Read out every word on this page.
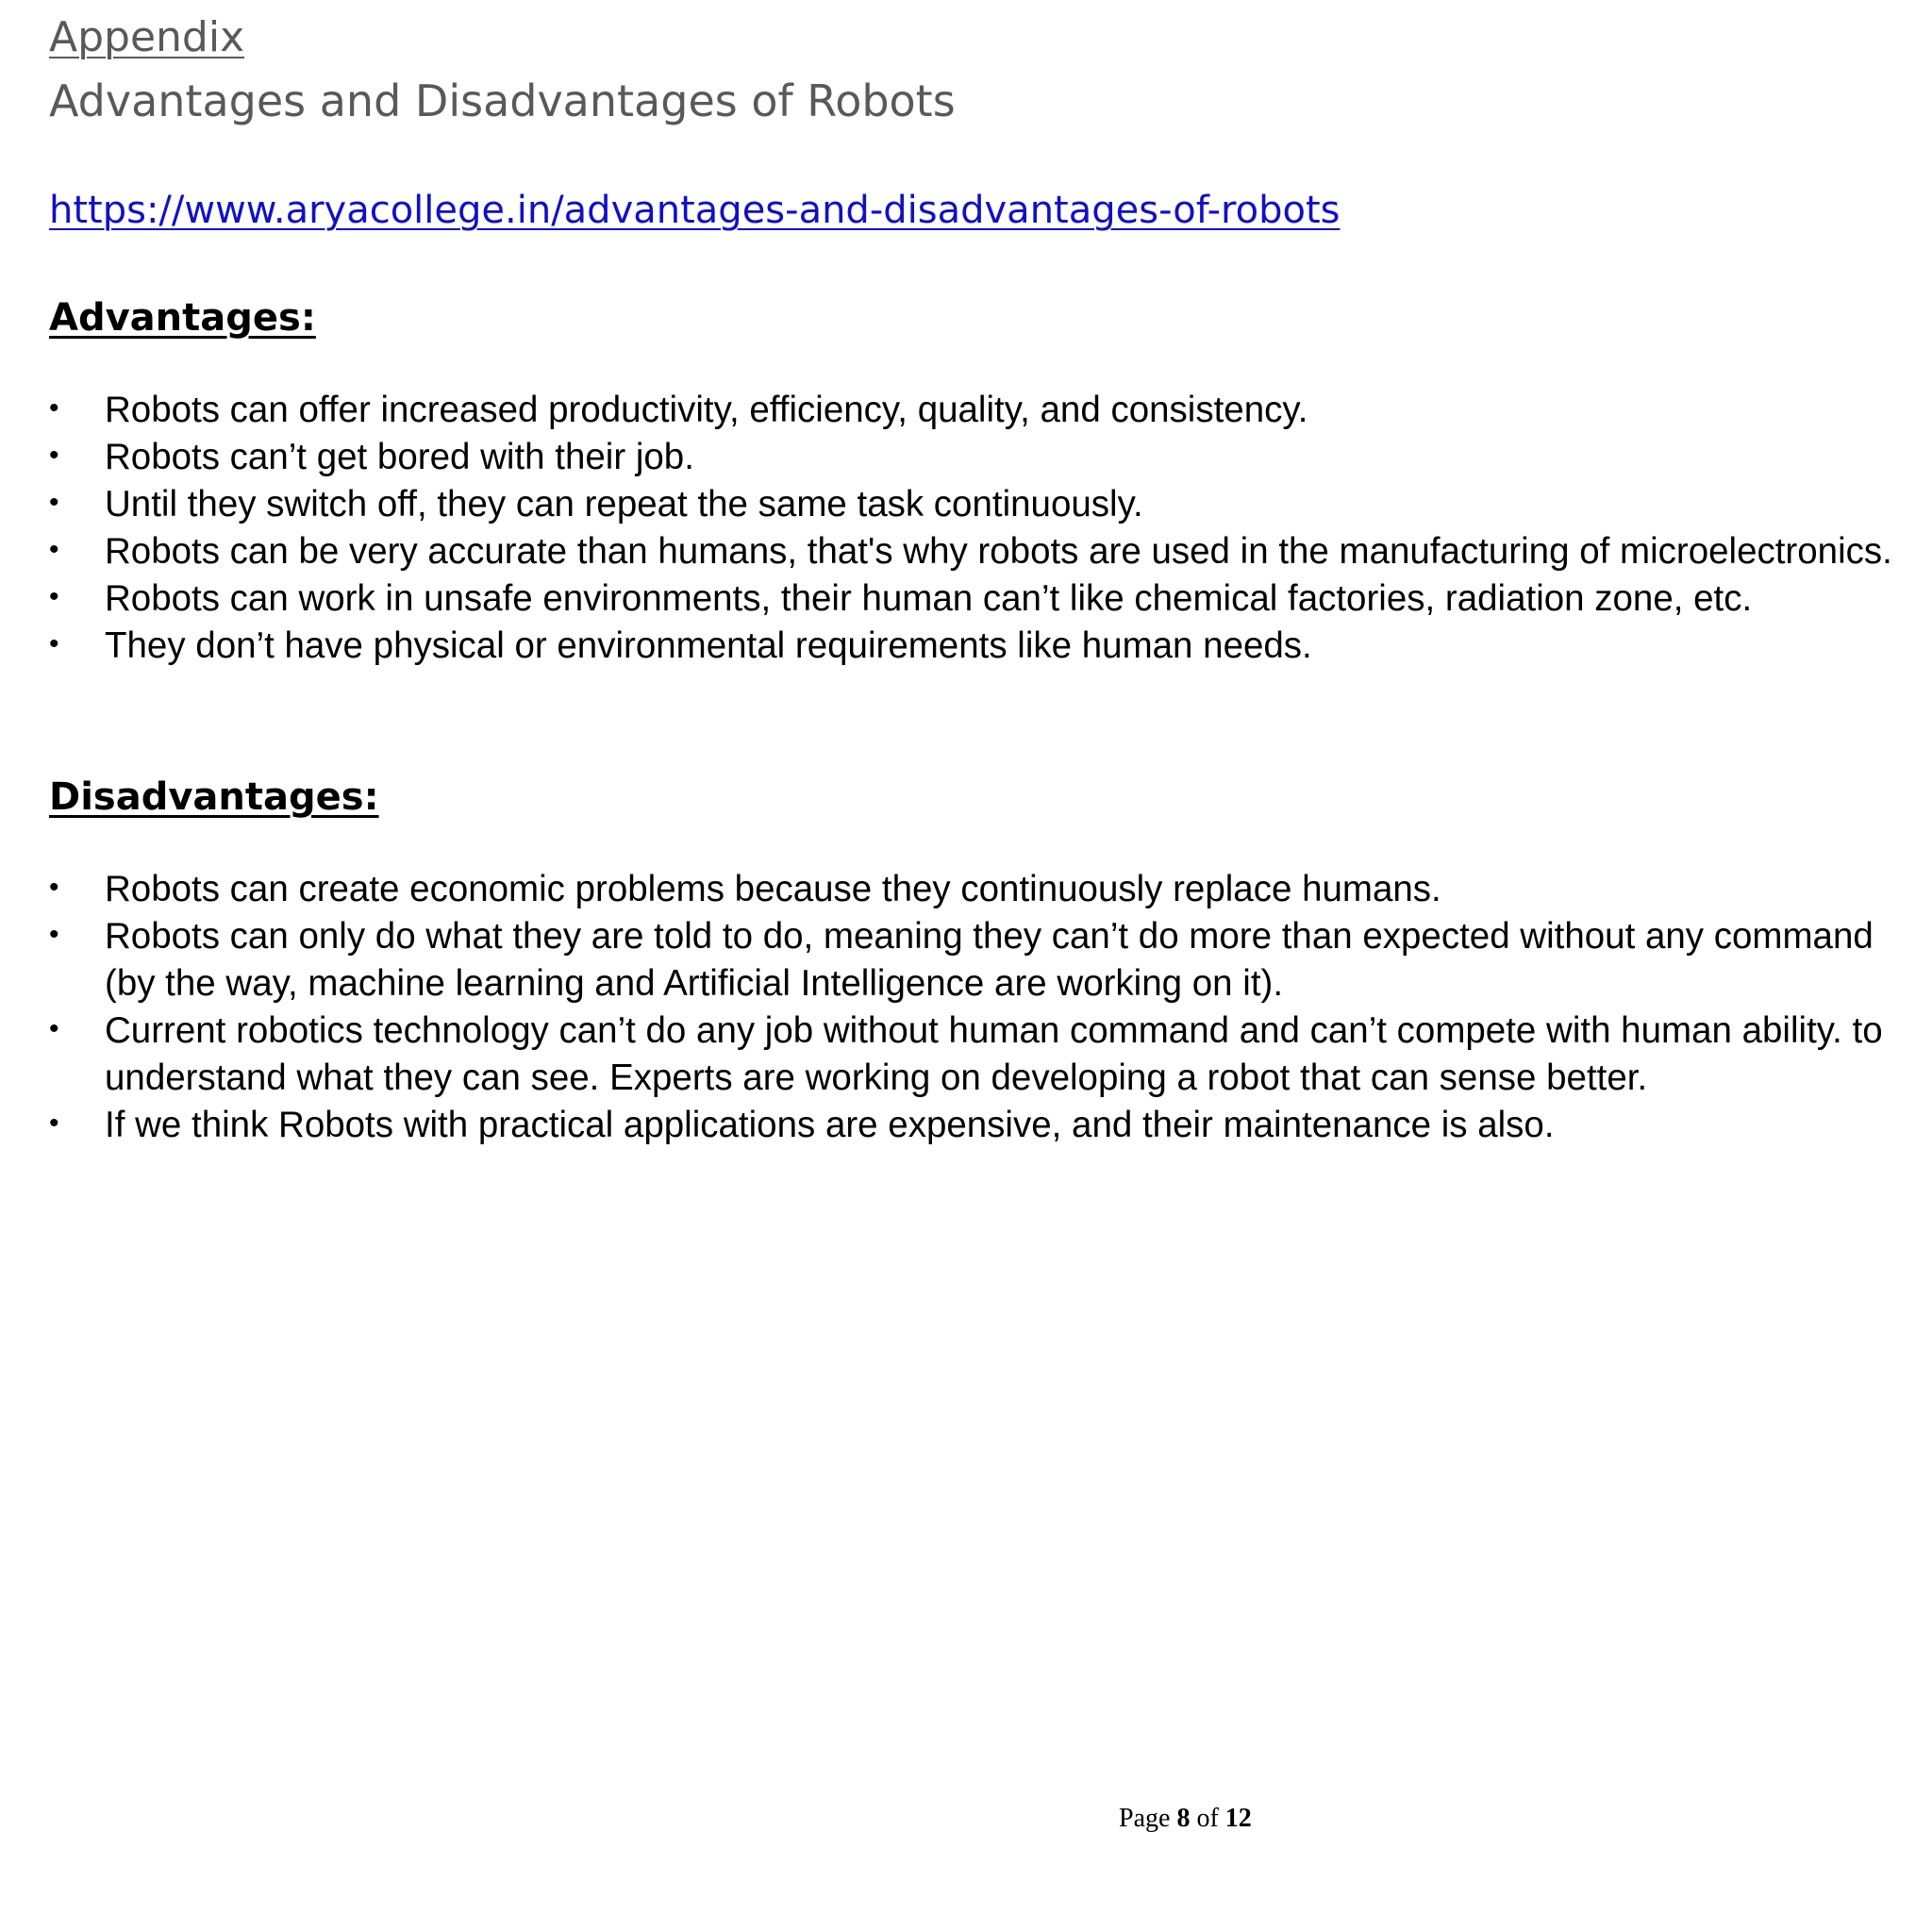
Appendix
Advantages and Disadvantages of Robots
https://www.aryacollege.in/advantages-and-disadvantages-of-robots
Advantages:
• Robots can offer increased productivity, efficiency, quality, and consistency.
• Robots can’t get bored with their job.
• Until they switch off, they can repeat the same task continuously.
• Robots can be very accurate than humans, that's why robots are used in the manufacturing of microelectronics.
• Robots can work in unsafe environments, their human can’t like chemical factories, radiation zone, etc.
• They don’t have physical or environmental requirements like human needs.
Disadvantages:
• Robots can create economic problems because they continuously replace humans.
• Robots can only do what they are told to do, meaning they can’t do more than expected without any command (by the way, machine learning and Artificial Intelligence are working on it).
• Current robotics technology can’t do any job without human command and can’t compete with human ability. to understand what they can see. Experts are working on developing a robot that can sense better.
• If we think Robots with practical applications are expensive, and their maintenance is also.
Page 8 of 12
